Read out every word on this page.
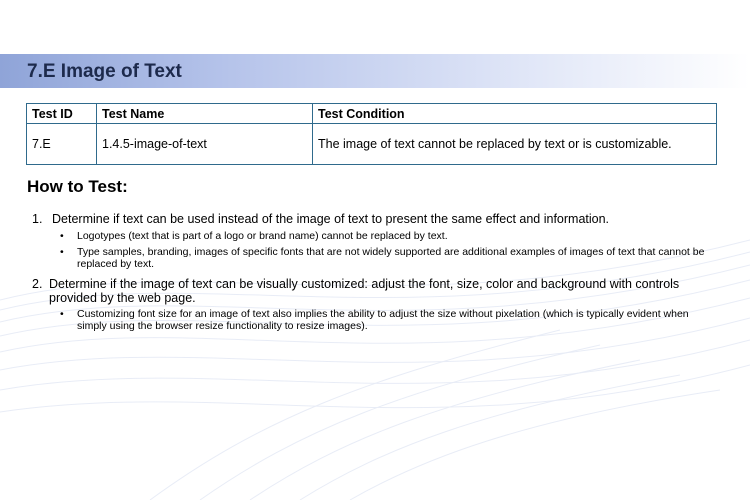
7.E Image of Text
Test ID	Test Name	Test Condition
7.E	1.4.5-image-of-text	The image of text cannot be replaced by text or is customizable.
How to Test:
1. Determine if text can be used instead of the image of text to present the same effect and information.
• Logotypes (text that is part of a logo or brand name) cannot be replaced by text.
• Type samples, branding, images of specific fonts that are not widely supported are additional examples of images of text that cannot be replaced by text.
2. Determine if the image of text can be visually customized: adjust the font, size, color and background with controls provided by the web page.
• Customizing font size for an image of text also implies the ability to adjust the size without pixelation (which is typically evident when simply using the browser resize functionality to resize images).
